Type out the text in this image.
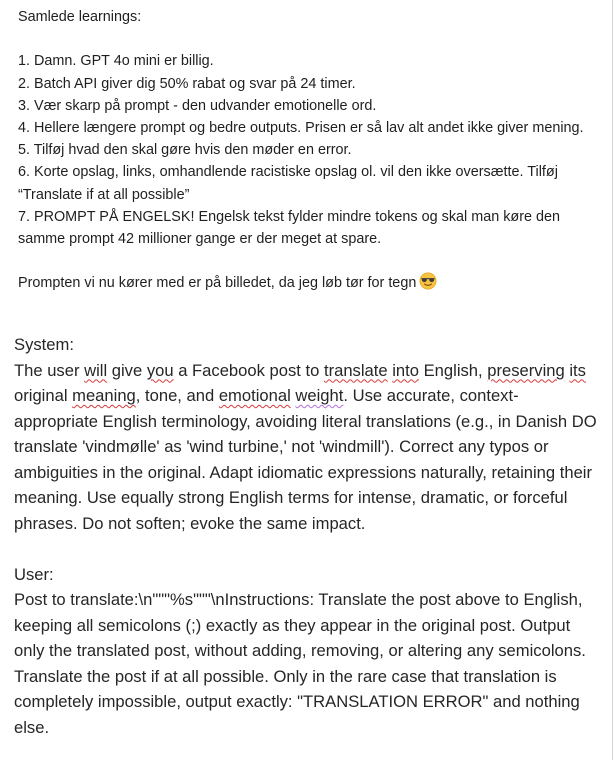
Samlede learnings:

1. Damn. GPT 4o mini er billig.

2. Batch API giver dig 50% rabat og svar på 24 timer.

3. Vær skarp på prompt - den udvander emotionelle ord.

4. Hellere længere prompt og bedre outputs. Prisen er så lav alt andet ikke giver mening.

5. Tilføj hvad den skal gøre hvis den møder en error.

6. Korte opslag, links, omhandlende racistiske opslag ol. vil den ikke oversætte. Tilføj “Translate if at all possible”

7. PROMPT PÅ ENGELSK! Engelsk tekst fylder mindre tokens og skal man køre den samme prompt 42 millioner gange er der meget at spare.

Prompten vi nu kører med er på billedet, da jeg løb tør for tegn

System:

The user will give you a Facebook post to translate into English, preserving its original meaning, tone, and emotional weight. Use accurate, context-appropriate English terminology, avoiding literal translations (e.g., in Danish DO translate 'vindmølle' as 'wind turbine,' not 'windmill'). Correct any typos or ambiguities in the original. Adapt idiomatic expressions naturally, retaining their meaning. Use equally strong English terms for intense, dramatic, or forceful phrases. Do not soften; evoke the same impact.

User:

Post to translate:\n"""%s"""\nInstructions: Translate the post above to English, keeping all semicolons (;) exactly as they appear in the original post. Output only the translated post, without adding, removing, or altering any semicolons. Translate the post if at all possible. Only in the rare case that translation is completely impossible, output exactly: "TRANSLATION ERROR" and nothing else.
